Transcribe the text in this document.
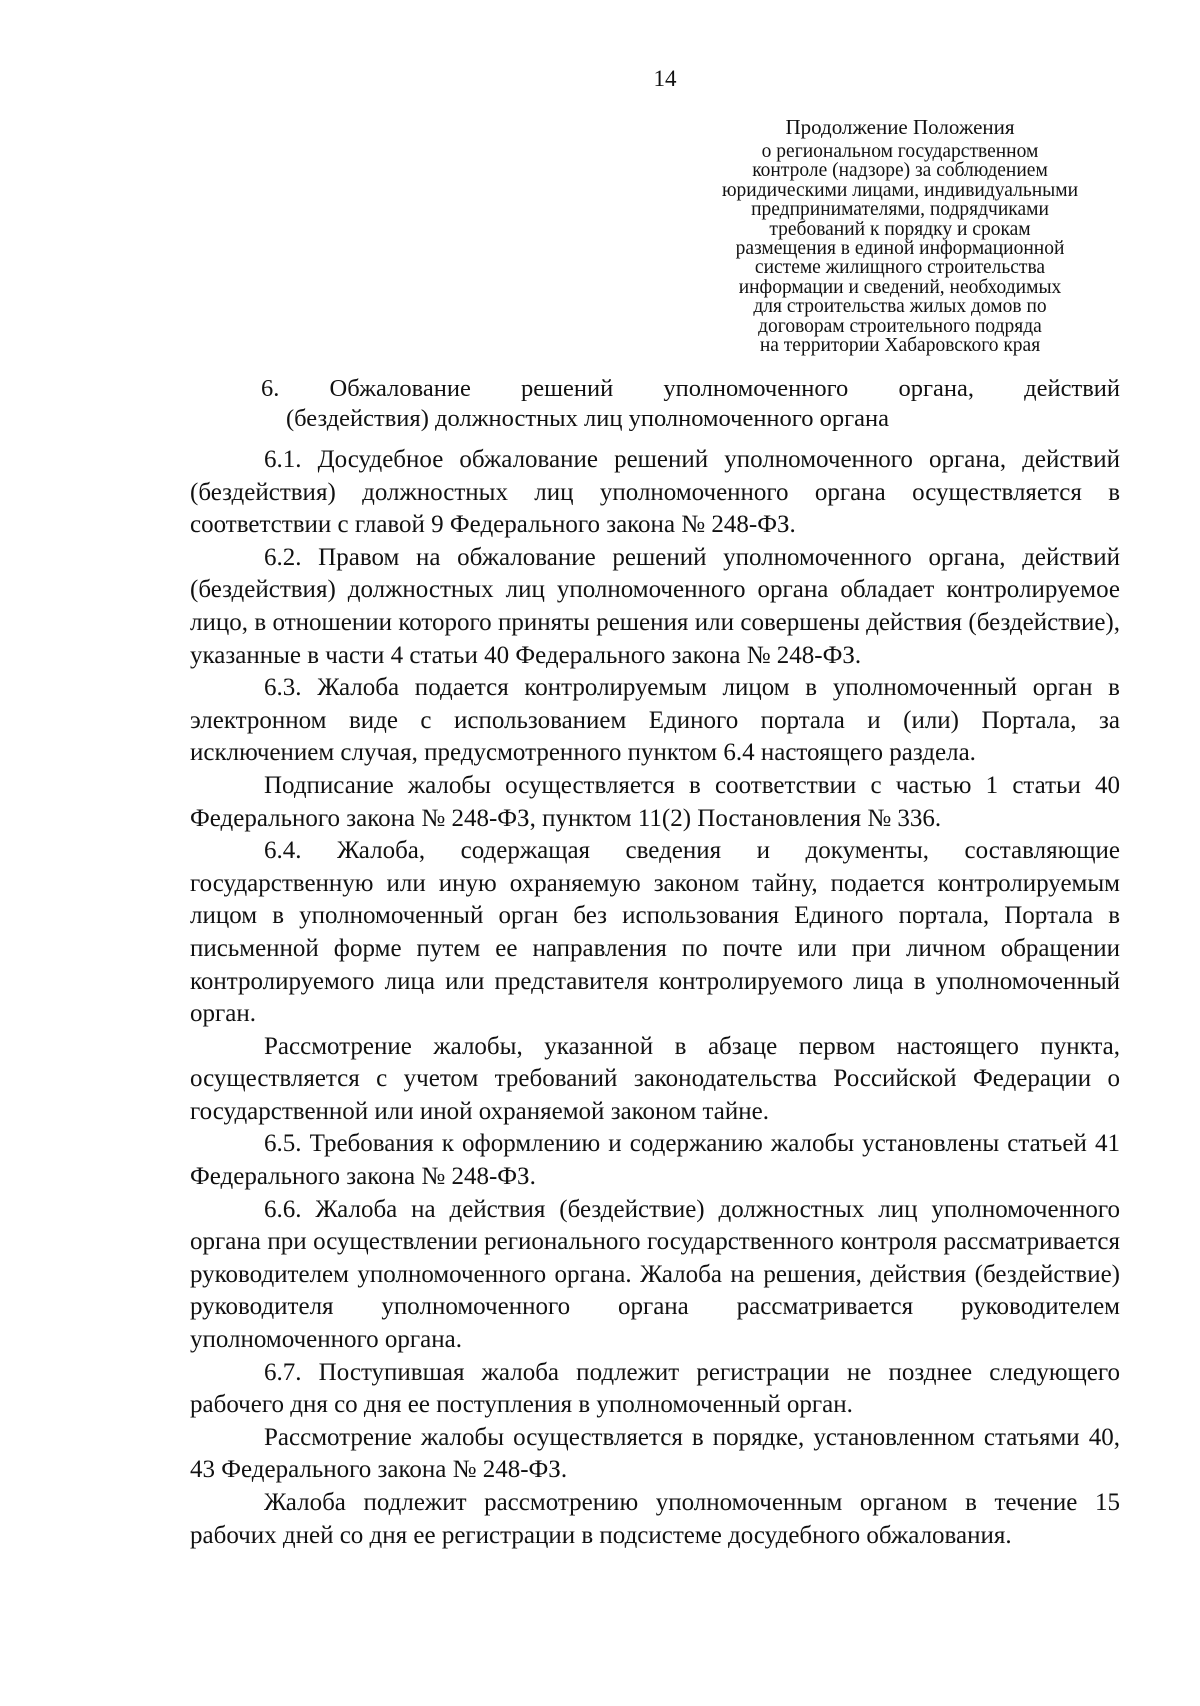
14
Продолжение Положения
о региональном государственном
контроле (надзоре) за соблюдением
юридическими лицами, индивидуальными
предпринимателями, подрядчиками
требований к порядку и срокам
размещения в единой информационной
системе жилищного строительства
информации и сведений, необходимых
для строительства жилых домов по
договорам строительного подряда
на территории Хабаровского края
6. Обжалование решений уполномоченного органа, действий
(бездействия) должностных лиц уполномоченного органа

6.1. Досудебное обжалование решений уполномоченного органа, действий (бездействия) должностных лиц уполномоченного органа осуществляется в соответствии с главой 9 Федерального закона № 248-ФЗ.

6.2. Правом на обжалование решений уполномоченного органа, действий (бездействия) должностных лиц уполномоченного органа обладает контролируемое лицо, в отношении которого приняты решения или совершены действия (бездействие), указанные в части 4 статьи 40 Федерального закона № 248-ФЗ.

6.3. Жалоба подается контролируемым лицом в уполномоченный орган в электронном виде с использованием Единого портала и (или) Портала, за исключением случая, предусмотренного пунктом 6.4 настоящего раздела.

Подписание жалобы осуществляется в соответствии с частью 1 статьи 40 Федерального закона № 248-ФЗ, пунктом 11(2) Постановления № 336.

6.4. Жалоба, содержащая сведения и документы, составляющие государственную или иную охраняемую законом тайну, подается контролируемым лицом в уполномоченный орган без использования Единого портала, Портала в письменной форме путем ее направления по почте или при личном обращении контролируемого лица или представителя контролируемого лица в уполномоченный орган.

Рассмотрение жалобы, указанной в абзаце первом настоящего пункта, осуществляется с учетом требований законодательства Российской Федерации о государственной или иной охраняемой законом тайне.

6.5. Требования к оформлению и содержанию жалобы установлены статьей 41 Федерального закона № 248-ФЗ.

6.6. Жалоба на действия (бездействие) должностных лиц уполномоченного органа при осуществлении регионального государственного контроля рассматривается руководителем уполномоченного органа. Жалоба на решения, действия (бездействие) руководителя уполномоченного органа рассматривается руководителем уполномоченного органа.

6.7. Поступившая жалоба подлежит регистрации не позднее следующего рабочего дня со дня ее поступления в уполномоченный орган.

Рассмотрение жалобы осуществляется в порядке, установленном статьями 40, 43 Федерального закона № 248-ФЗ.

Жалоба подлежит рассмотрению уполномоченным органом в течение 15 рабочих дней со дня ее регистрации в подсистеме досудебного обжалования.
